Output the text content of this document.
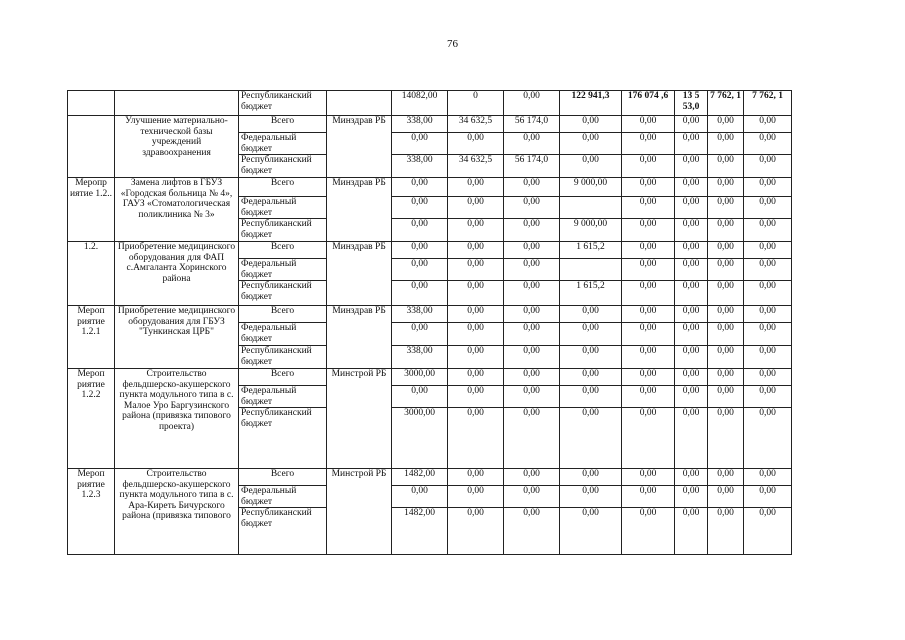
76
		Республиканский бюджет		14082,00	0	0,00	122 941,3	176 074 ,6	13 5 53,0	7 762, 1	7 762, 1
	Улучшение материально-технической базы учреждений здравоохранения	Всего	Минздрав РБ	338,00	34 632,5	56 174,0	0,00	0,00	0,00	0,00	0,00
		Федеральный бюджет		0,00	0,00	0,00	0,00	0,00	0,00	0,00	0,00
		Республиканский бюджет		338,00	34 632,5	56 174,0	0,00	0,00	0,00	0,00	0,00
Меропр иятие 1.2..	Замена лифтов в ГБУЗ «Городская больница № 4», ГАУЗ «Стоматологическая поликлиника № 3»	Всего	Минздрав РБ	0,00	0,00	0,00	9 000,00	0,00	0,00	0,00	0,00
		Федеральный бюджет		0,00	0,00	0,00		0,00	0,00	0,00	0,00
		Республиканский бюджет		0,00	0,00	0,00	9 000,00	0,00	0,00	0,00	0,00
1.2.	Приобретение медицинского оборудования для ФАП с.Амгаланта Хоринского района	Всего	Минздрав РБ	0,00	0,00	0,00	1 615,2	0,00	0,00	0,00	0,00
		Федеральный бюджет		0,00	0,00	0,00		0,00	0,00	0,00	0,00
		Республиканский бюджет		0,00	0,00	0,00	1 615,2	0,00	0,00	0,00	0,00
Мероп риятие 1.2.1	Приобретение медицинского оборудования для ГБУЗ "Тункинская ЦРБ"	Всего	Минздрав РБ	338,00	0,00	0,00	0,00	0,00	0,00	0,00	0,00
		Федеральный бюджет		0,00	0,00	0,00	0,00	0,00	0,00	0,00	0,00
		Республиканский бюджет		338,00	0,00	0,00	0,00	0,00	0,00	0,00	0,00
Мероп риятие 1.2.2	Строительство фельдшерско-акушерского пункта модульного типа в с. Малое Уро Баргузинского района (привязка типового проекта)	Всего	Минстрой РБ	3000,00	0,00	0,00	0,00	0,00	0,00	0,00	0,00
		Федеральный бюджет		0,00	0,00	0,00	0,00	0,00	0,00	0,00	0,00
		Республиканский бюджет		3000,00	0,00	0,00	0,00	0,00	0,00	0,00	0,00
Мероп риятие 1.2.3	Строительство фельдшерско-акушерского пункта модульного типа в с. Ара-Киреть Бичурского района (привязка типового	Всего	Минстрой РБ	1482,00	0,00	0,00	0,00	0,00	0,00	0,00	0,00
		Федеральный бюджет		0,00	0,00	0,00	0,00	0,00	0,00	0,00	0,00
		Республиканский бюджет		1482,00	0,00	0,00	0,00	0,00	0,00	0,00	0,00
